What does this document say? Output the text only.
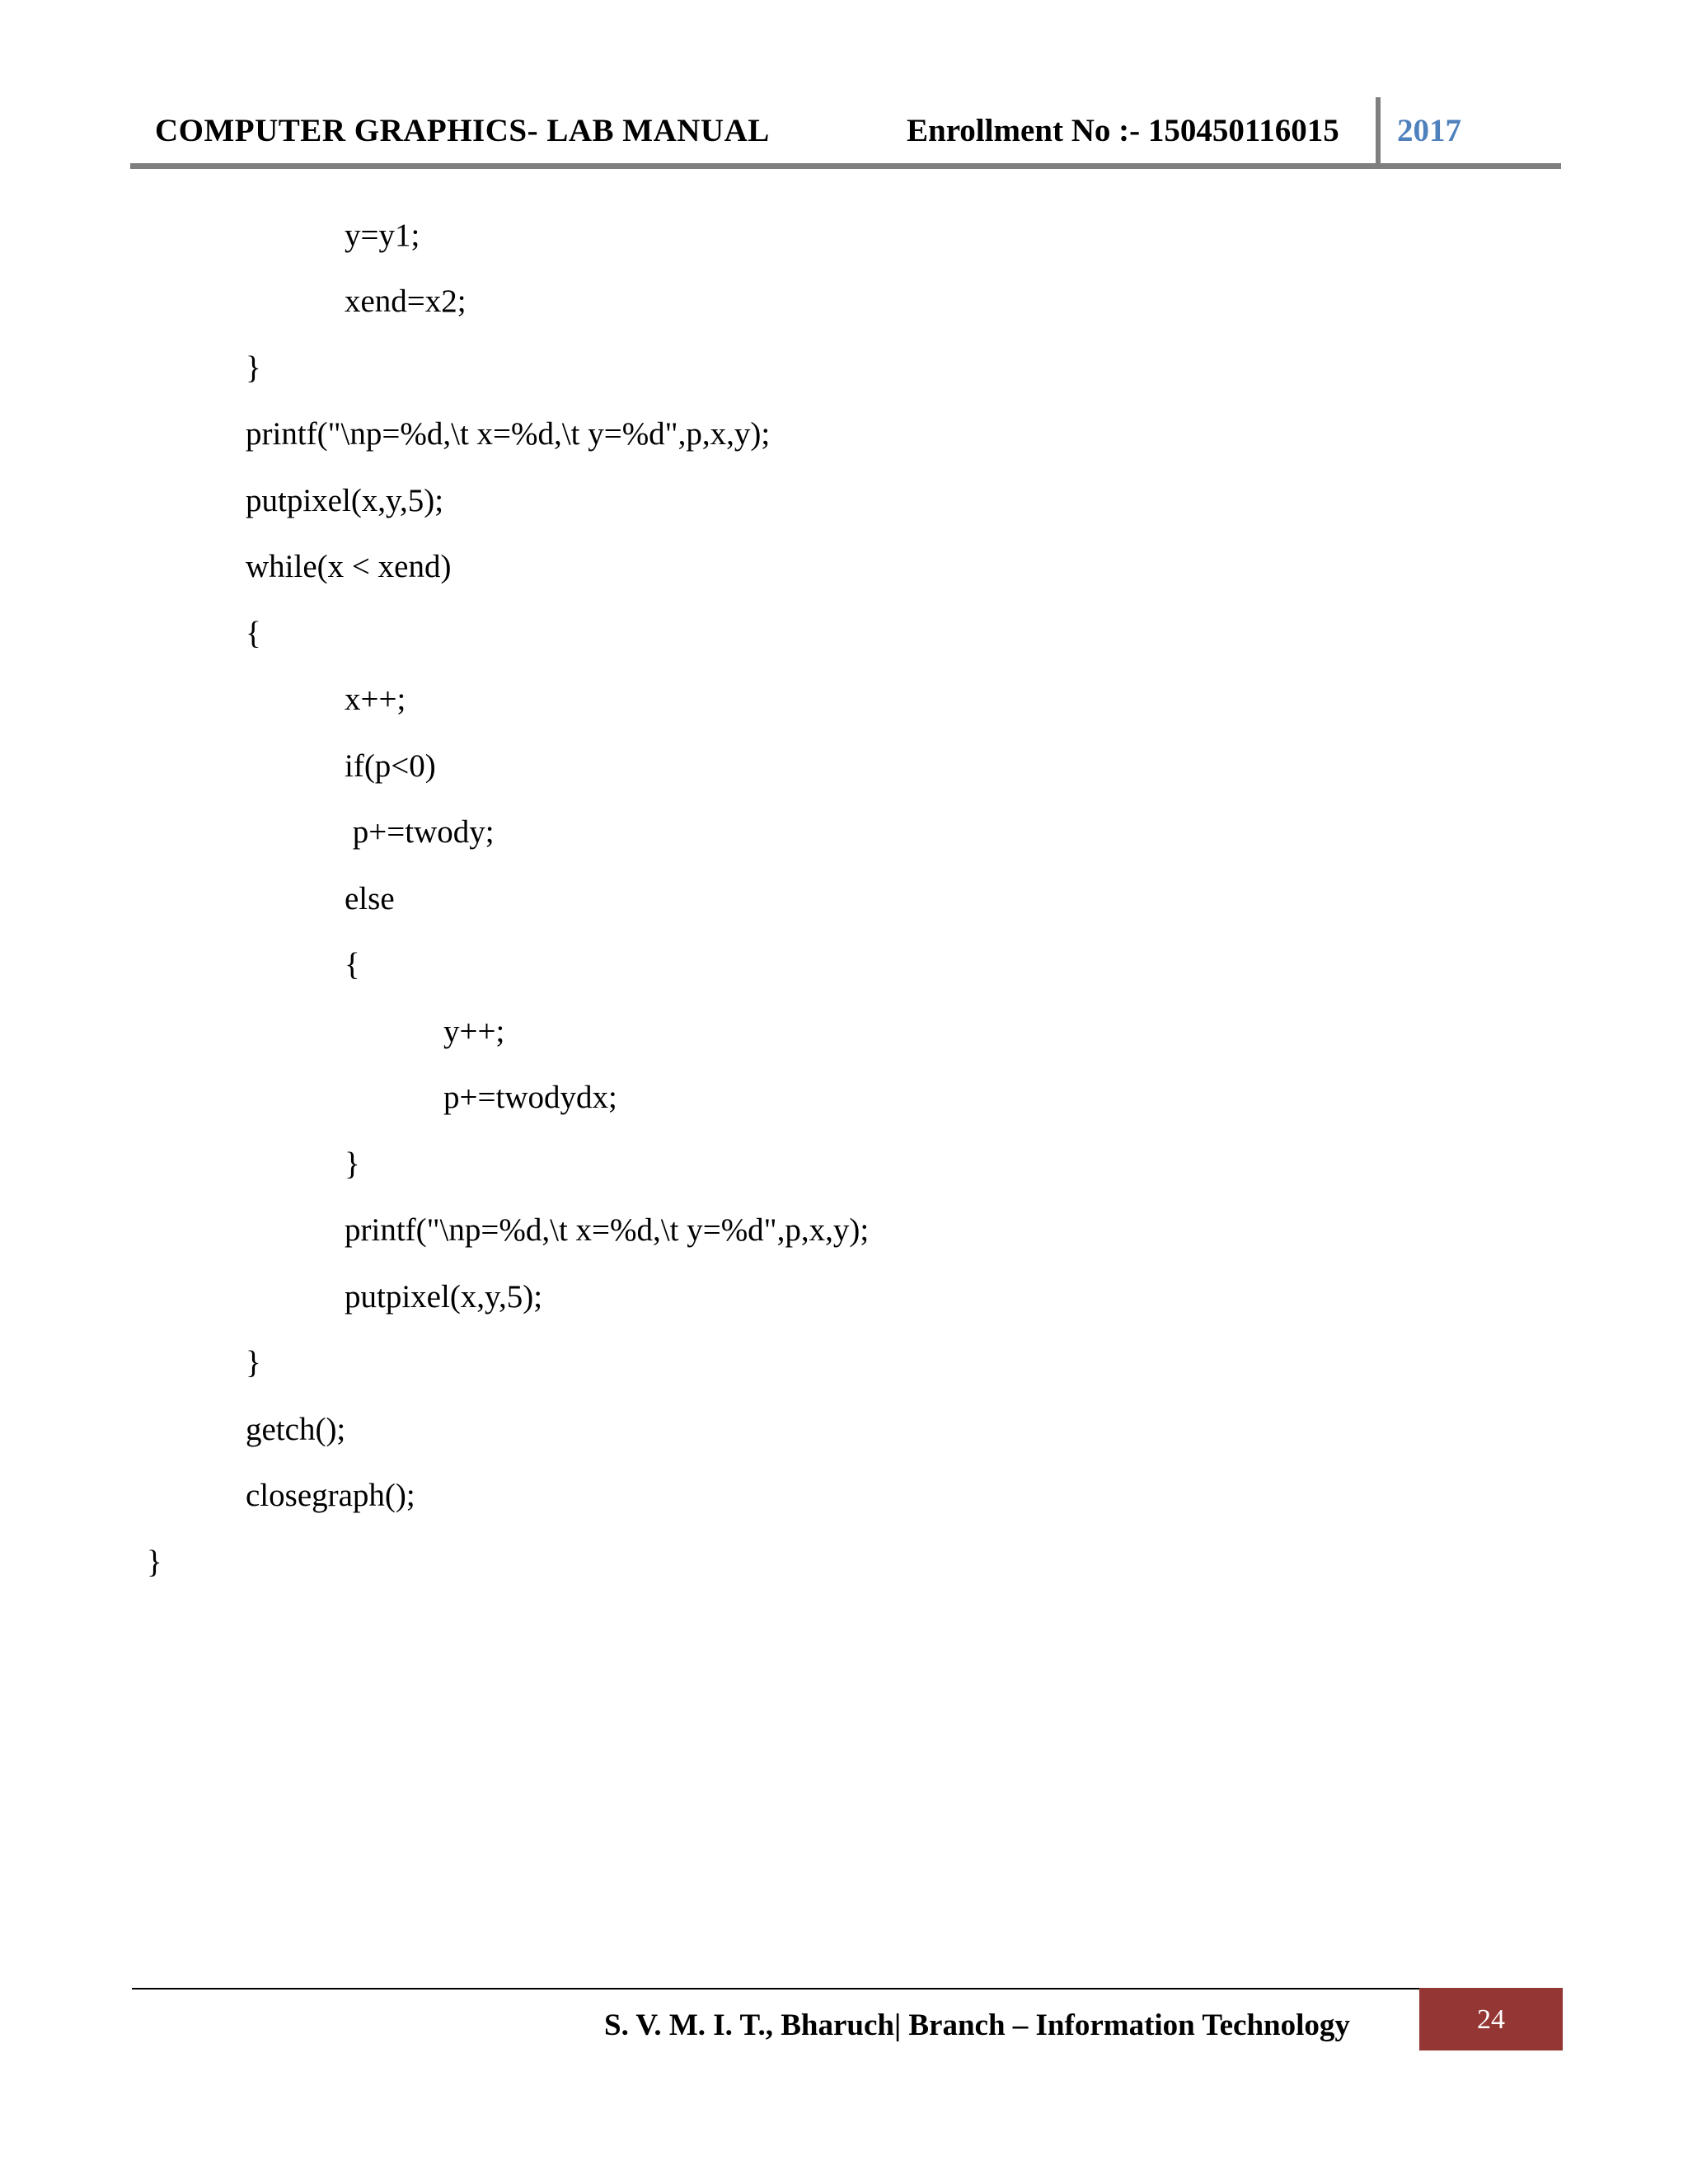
COMPUTER GRAPHICS- LAB MANUAL	Enrollment No :- 150450116015 2017
y=y1;
xend=x2;
}
printf("\np=%d,\t x=%d,\t y=%d",p,x,y);
putpixel(x,y,5);
while(x < xend)
{
x++;
if(p<0)
p+=twody;
else
{
y++;
p+=twodydx;
}
printf("\np=%d,\t x=%d,\t y=%d",p,x,y);
putpixel(x,y,5);
}
getch();
closegraph();
}
S. V. M. I. T., Bharuch| Branch – Information Technology	24
